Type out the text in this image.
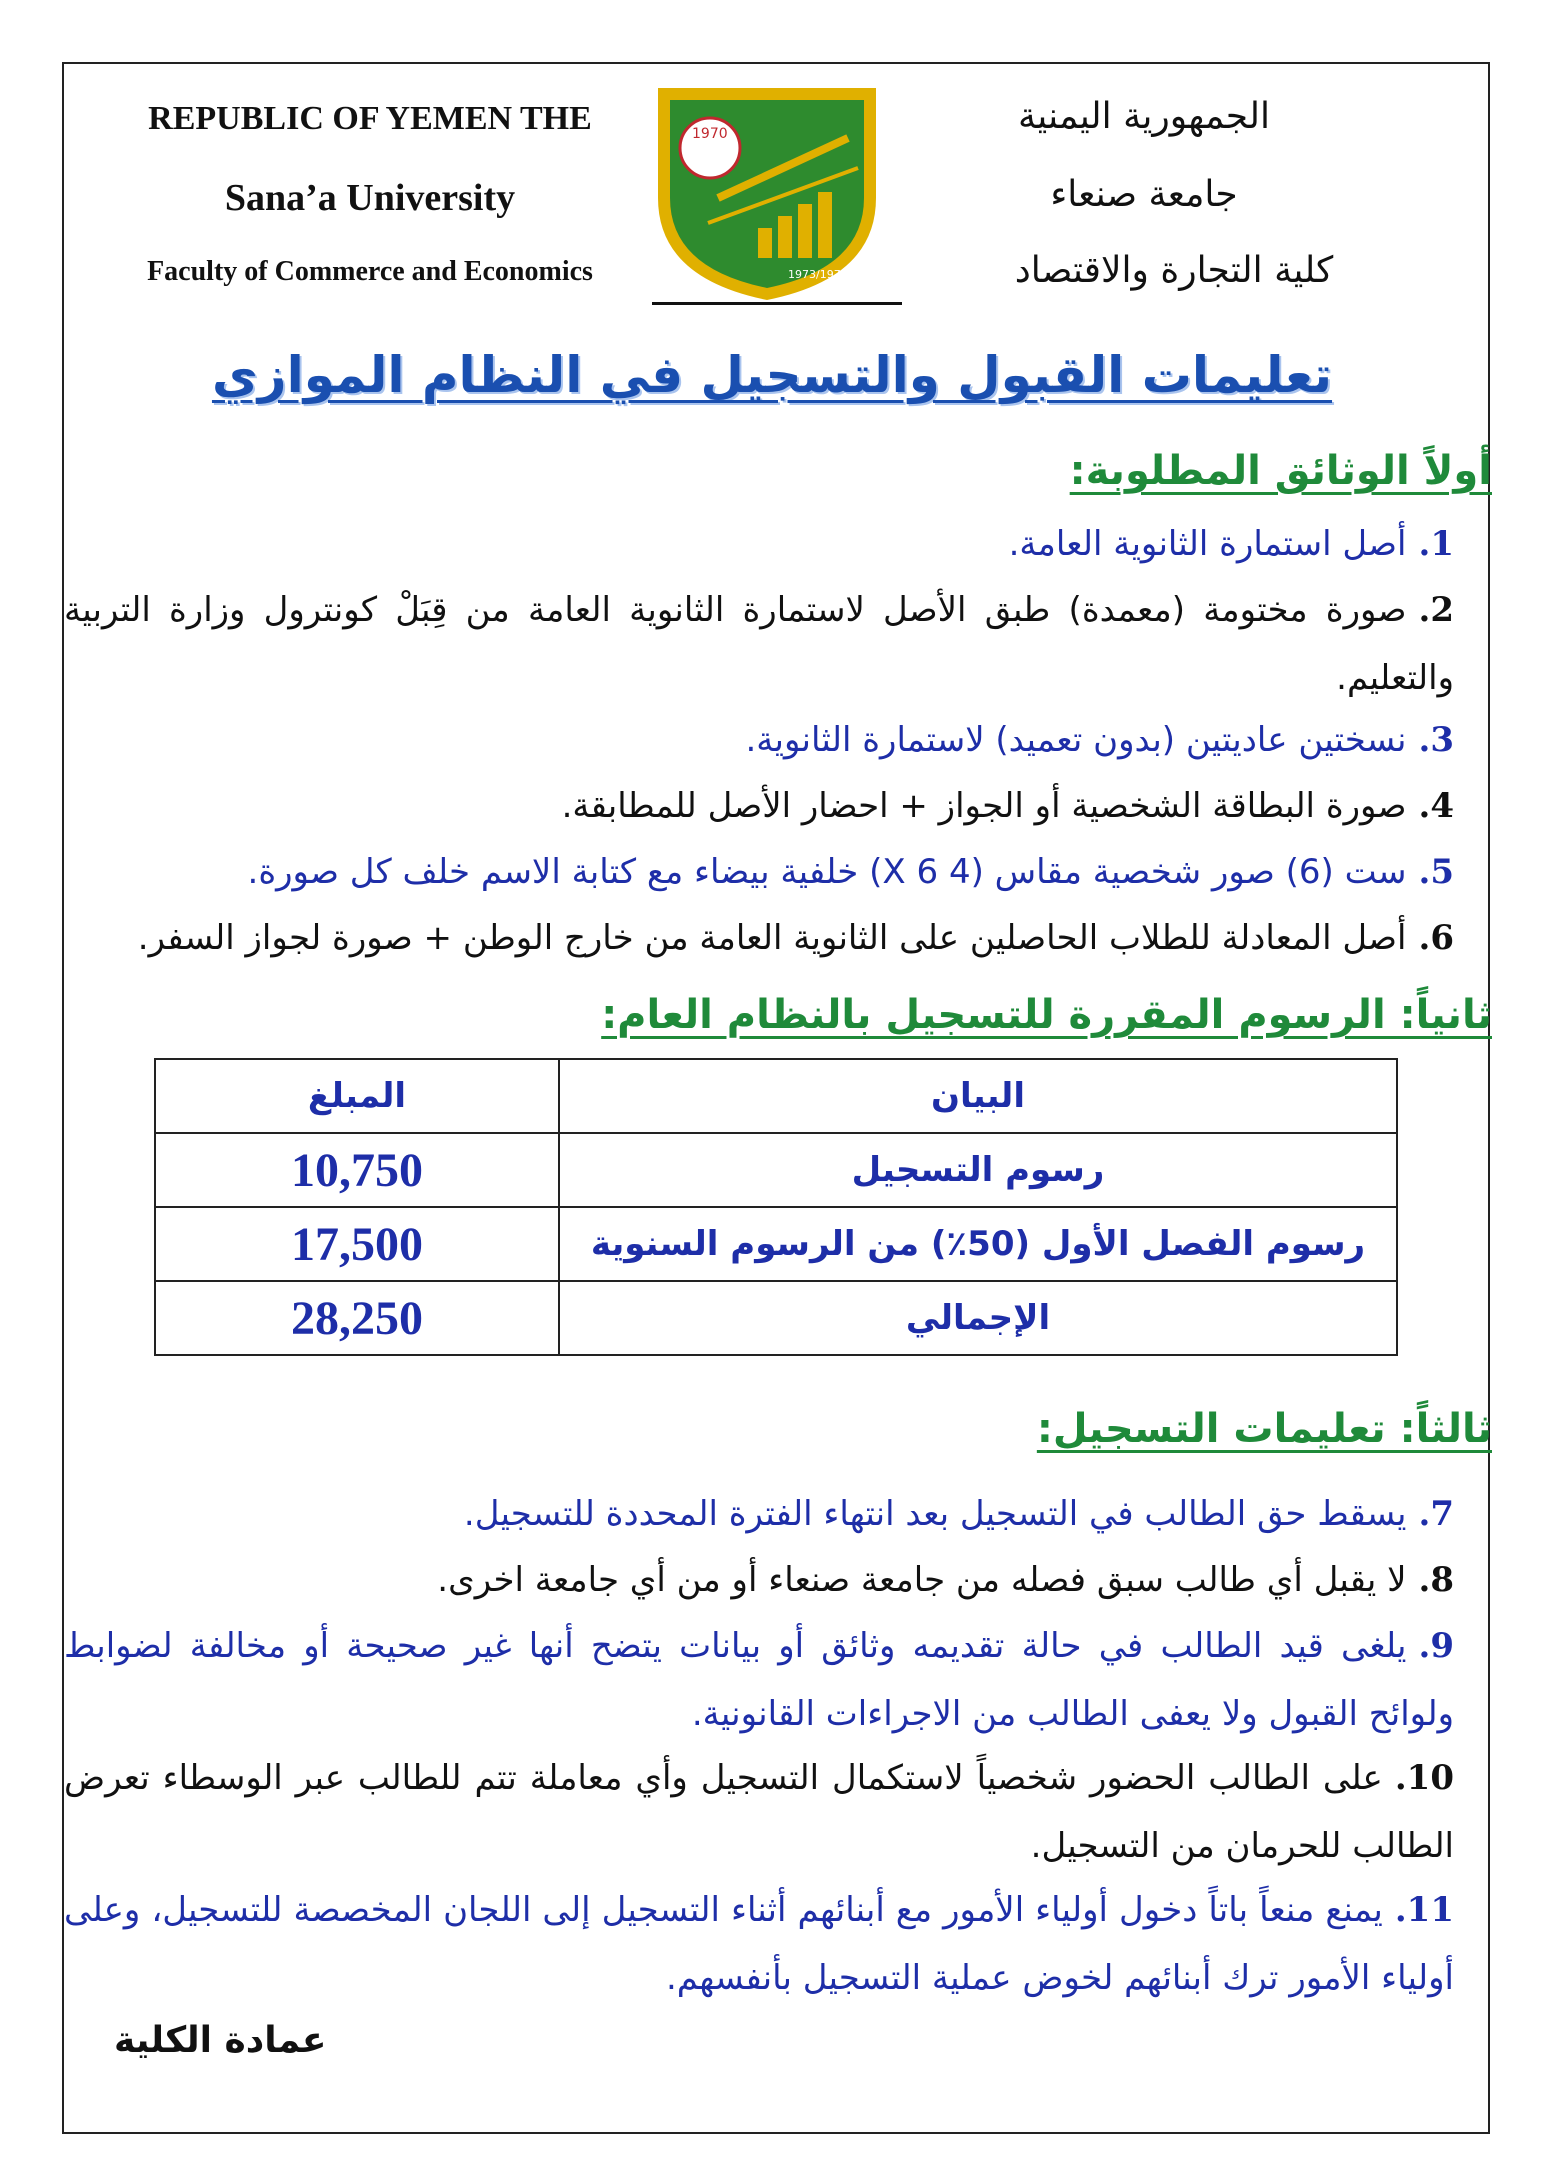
REPUBLIC OF YEMEN THE
Sana’a University
Faculty of Commerce and Economics
الجمهورية اليمنية
جامعة صنعاء
كلية التجارة والاقتصاد
1970
1973/1974
تعليمات القبول والتسجيل في النظام الموازي
أولاً الوثائق المطلوبة:
1.أصل استمارة الثانوية العامة.
2.صورة مختومة (معمدة) طبق الأصل لاستمارة الثانوية العامة من قِبَلْ كونترول وزارة التربية والتعليم.
3.نسختين عاديتين (بدون تعميد) لاستمارة الثانوية.
4.صورة البطاقة الشخصية أو الجواز + احضار الأصل للمطابقة.
5.ست (6) صور شخصية مقاس (4 X 6) خلفية بيضاء مع كتابة الاسم خلف كل صورة.
6.أصل المعادلة للطلاب الحاصلين على الثانوية العامة من خارج الوطن + صورة لجواز السفر.
ثانياً: الرسوم المقررة للتسجيل بالنظام العام:
البيان	المبلغ
رسوم التسجيل	10,750
رسوم الفصل الأول (50٪) من الرسوم السنوية	17,500
الإجمالي	28,250
ثالثاً: تعليمات التسجيل:
7.يسقط حق الطالب في التسجيل بعد انتهاء الفترة المحددة للتسجيل.
8.لا يقبل أي طالب سبق فصله من جامعة صنعاء أو من أي جامعة اخرى.
9.يلغى قيد الطالب في حالة تقديمه وثائق أو بيانات يتضح أنها غير صحيحة أو مخالفة لضوابط ولوائح القبول ولا يعفى الطالب من الاجراءات القانونية.
10.على الطالب الحضور شخصياً لاستكمال التسجيل وأي معاملة تتم للطالب عبر الوسطاء تعرض الطالب للحرمان من التسجيل.
11.يمنع منعاً باتاً دخول أولياء الأمور مع أبنائهم أثناء التسجيل إلى اللجان المخصصة للتسجيل، وعلى أولياء الأمور ترك أبنائهم لخوض عملية التسجيل بأنفسهم.
عمادة الكلية
